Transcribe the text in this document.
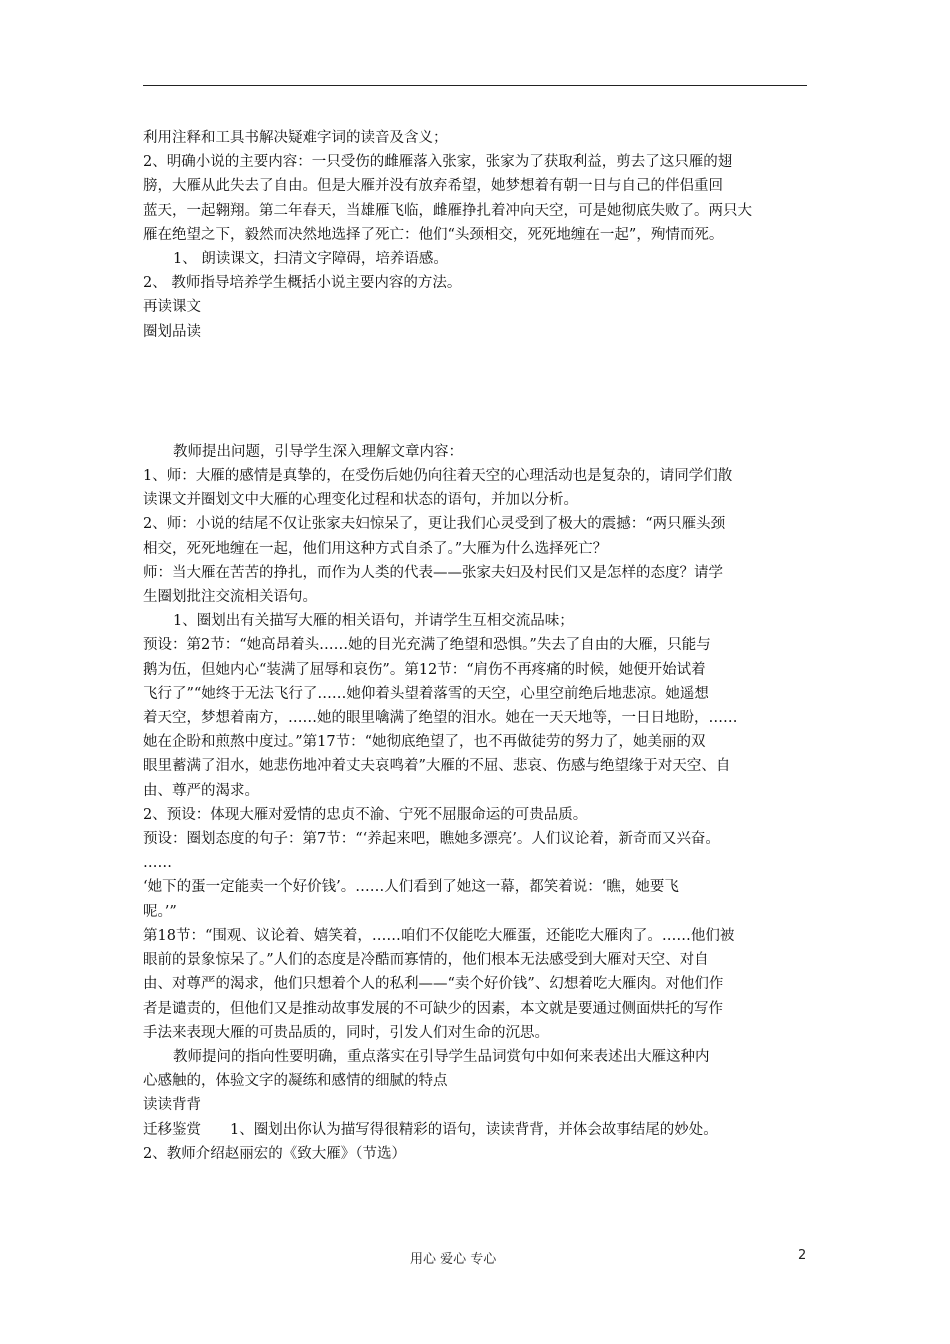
利用注释和工具书解决疑难字词的读音及含义；

2、明确小说的主要内容：一只受伤的雌雁落入张家，张家为了获取利益，剪去了这只雁的翅

膀，大雁从此失去了自由。但是大雁并没有放弃希望，她梦想着有朝一日与自己的伴侣重回

蓝天，一起翱翔。第二年春天，当雄雁飞临，雌雁挣扎着冲向天空，可是她彻底失败了。两只大

雁在绝望之下，毅然而决然地选择了死亡：他们“头颈相交，死死地缠在一起”，殉情而死。

1、 朗读课文，扫清文字障碍，培养语感。

2、 教师指导培养学生概括小说主要内容的方法。

再读课文

圈划品读

教师提出问题，引导学生深入理解文章内容：

1、师：大雁的感情是真挚的，在受伤后她仍向往着天空的心理活动也是复杂的，请同学们散

读课文并圈划文中大雁的心理变化过程和状态的语句，并加以分析。

2、师：小说的结尾不仅让张家夫妇惊呆了，更让我们心灵受到了极大的震撼：“两只雁头颈

相交，死死地缠在一起，他们用这种方式自杀了。”大雁为什么选择死亡？

师：当大雁在苦苦的挣扎，而作为人类的代表——张家夫妇及村民们又是怎样的态度？请学

生圈划批注交流相关语句。

1、圈划出有关描写大雁的相关语句，并请学生互相交流品味；

预设：第2节：“她高昂着头……她的目光充满了绝望和恐惧。”失去了自由的大雁，只能与

鹅为伍，但她内心“装满了屈辱和哀伤”。第12节：“肩伤不再疼痛的时候，她便开始试着

飞行了”“她终于无法飞行了……她仰着头望着落雪的天空，心里空前绝后地悲凉。她遥想

着天空，梦想着南方，……她的眼里噙满了绝望的泪水。她在一天天地等，一日日地盼，……

她在企盼和煎熬中度过。”第17节：“她彻底绝望了，也不再做徒劳的努力了，她美丽的双

眼里蓄满了泪水，她悲伤地冲着丈夫哀鸣着”大雁的不屈、悲哀、伤感与绝望缘于对天空、自

由、尊严的渴求。

2、预设：体现大雁对爱情的忠贞不渝、宁死不屈服命运的可贵品质。

预设：圈划态度的句子：第7节：“‘养起来吧，瞧她多漂亮’。人们议论着，新奇而又兴奋。

……

‘她下的蛋一定能卖一个好价钱’。……人们看到了她这一幕，都笑着说：‘瞧，她要飞

呢。’”

第18节：“围观、议论着、嬉笑着，……咱们不仅能吃大雁蛋，还能吃大雁肉了。……他们被

眼前的景象惊呆了。”人们的态度是冷酷而寡情的，他们根本无法感受到大雁对天空、对自

由、对尊严的渴求，他们只想着个人的私利——“卖个好价钱”、幻想着吃大雁肉。对他们作

者是谴责的，但他们又是推动故事发展的不可缺少的因素，本文就是要通过侧面烘托的写作

手法来表现大雁的可贵品质的，同时，引发人们对生命的沉思。

教师提问的指向性要明确，重点落实在引导学生品词赏句中如何来表述出大雁这种内

心感触的，体验文字的凝练和感情的细腻的特点

读读背背

迁移鉴赏　　1、圈划出你认为描写得很精彩的语句，读读背背，并体会故事结尾的妙处。

2、教师介绍赵丽宏的《致大雁》（节选）

用心 爱心 专心	2
